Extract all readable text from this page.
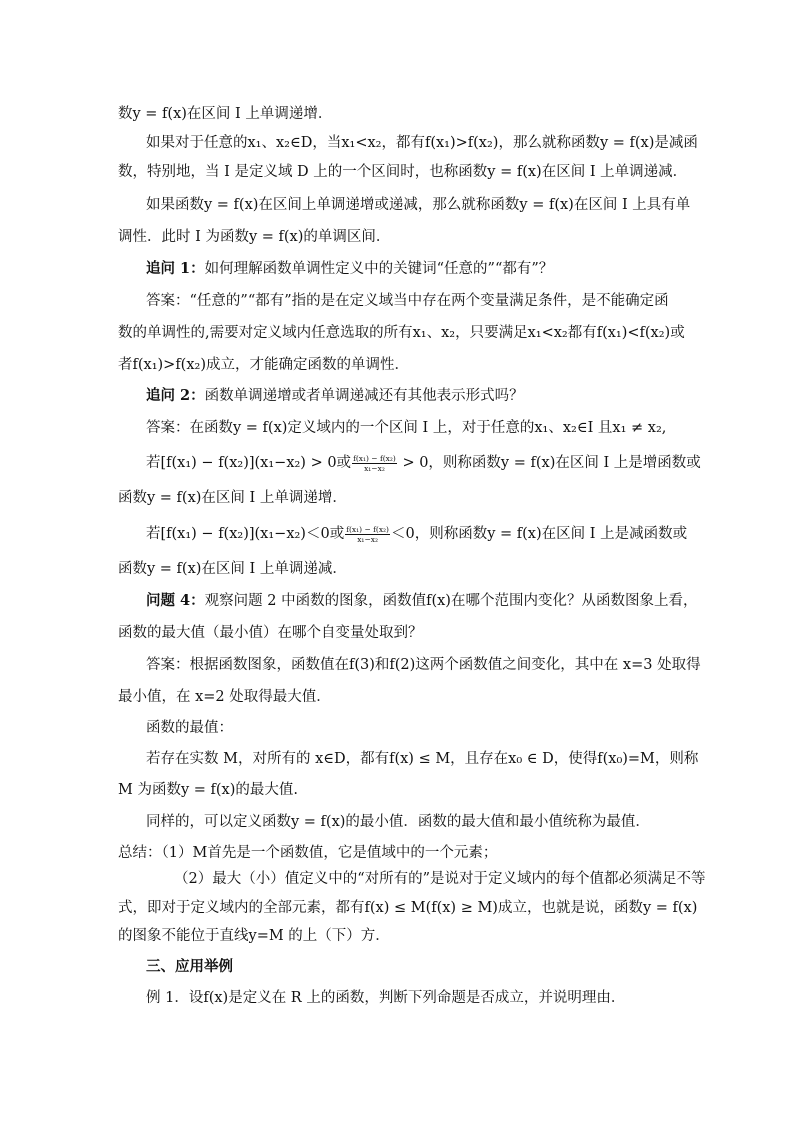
数y = f(x)在区间 I 上单调递增．
如果对于任意的x₁、x₂∈D，当x₁<x₂，都有f(x₁)>f(x₂)，那么就称函数y = f(x)是减函
数，特别地，当 I 是定义域 D 上的一个区间时，也称函数y = f(x)在区间 I 上单调递减．
如果函数y = f(x)在区间上单调递增或递减，那么就称函数y = f(x)在区间 I 上具有单
调性．此时 I 为函数y = f(x)的单调区间．
追问 1：如何理解函数单调性定义中的关键词“任意的”“都有”？
答案：“任意的”“都有”指的是在定义域当中存在两个变量满足条件，是不能确定函
数的单调性的,需要对定义域内任意选取的所有x₁、x₂，只要满足x₁<x₂都有f(x₁)<f(x₂)或
者f(x₁)>f(x₂)成立，才能确定函数的单调性．
追问 2：函数单调递增或者单调递减还有其他表示形式吗？
答案：在函数y = f(x)定义域内的一个区间 I 上，对于任意的x₁、x₂∈I 且x₁ ≠ x₂,
若[f(x₁) − f(x₂)](x₁−x₂) > 0或 $\frac{\text{f(x₁) − f(x₂)}}{\text{x₁−x₂}} > 0$，则称函数y = f(x)在区间 I 上是增函数或
函数y = f(x)在区间 I 上单调递增．
若[f(x₁) − f(x₂)](x₁−x₂)＜0或 $\frac{\text{f(x₁) − f(x₂)}}{\text{x₁−x₂}} <0$，则称函数y = f(x)在区间 I 上是减函数或
函数y = f(x)在区间 I 上单调递减．
问题 4：观察问题 2 中函数的图象，函数值f(x)在哪个范围内变化？从函数图象上看，
函数的最大值（最小值）在哪个自变量处取到？
答案：根据函数图象，函数值在f(3)和f(2)这两个函数值之间变化，其中在 x=3 处取得
最小值，在 x=2 处取得最大值．
函数的最值：
若存在实数 M，对所有的 x∈D，都有f(x) ≤ M，且存在x₀ ∈ D，使得f(x₀)=M，则称
M 为函数y = f(x)的最大值.
同样的，可以定义函数y = f(x)的最小值．函数的最大值和最小值统称为最值．
总结：（1）M首先是一个函数值，它是值域中的一个元素；
（2）最大（小）值定义中的“对所有的”是说对于定义域内的每个值都必须满足不等
式，即对于定义域内的全部元素，都有f(x) ≤ M(f(x) ≥ M)成立，也就是说，函数y = f(x)
的图象不能位于直线y=M 的上（下）方．
三、应用举例
例 1．设f(x)是定义在 R 上的函数，判断下列命题是否成立，并说明理由．
